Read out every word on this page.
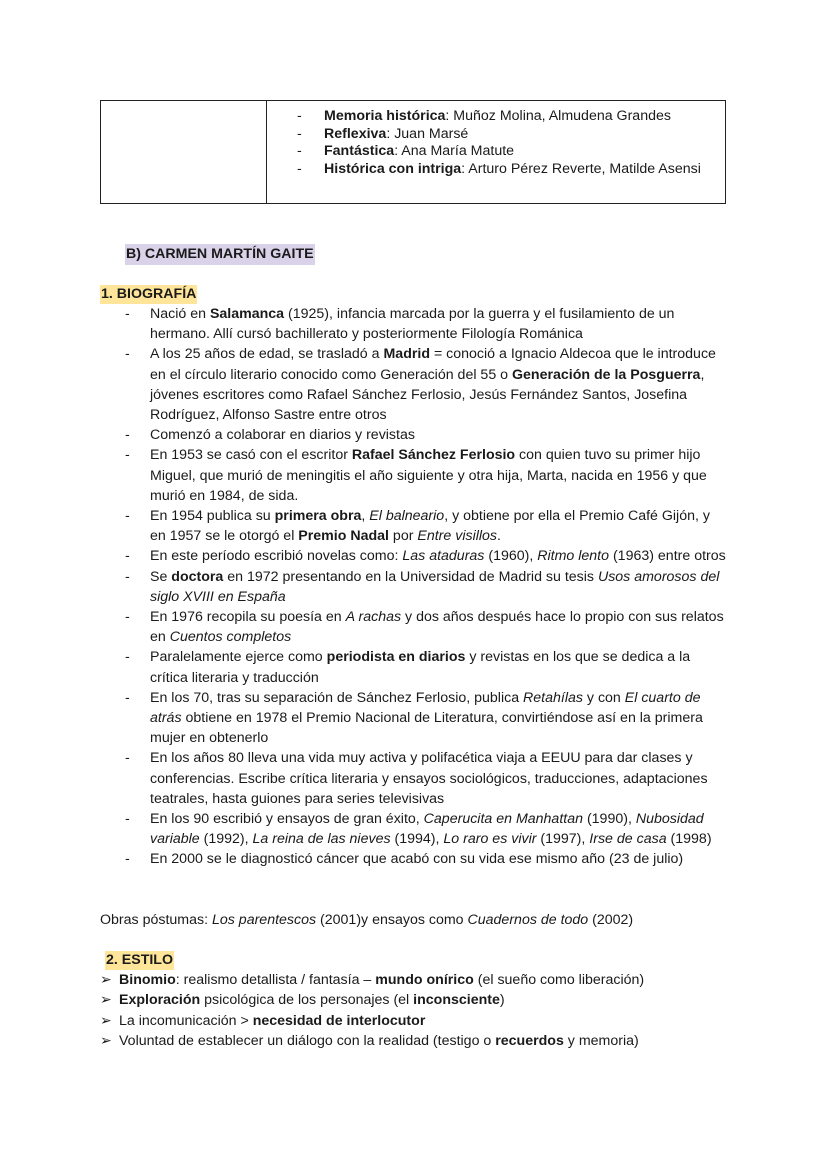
- Memoria histórica: Muñoz Molina, Almudena Grandes
- Reflexiva: Juan Marsé
- Fantástica: Ana María Matute
- Histórica con intriga: Arturo Pérez Reverte, Matilde Asensi
B) CARMEN MARTÍN GAITE
1. BIOGRAFÍA
- Nació en Salamanca (1925), infancia marcada por la guerra y el fusilamiento de un hermano. Allí cursó bachillerato y posteriormente Filología Románica
- A los 25 años de edad, se trasladó a Madrid = conoció a Ignacio Aldecoa que le introduce en el círculo literario conocido como Generación del 55 o Generación de la Posguerra, jóvenes escritores como Rafael Sánchez Ferlosio, Jesús Fernández Santos, Josefina Rodríguez, Alfonso Sastre entre otros
- Comenzó a colaborar en diarios y revistas
- En 1953 se casó con el escritor Rafael Sánchez Ferlosio con quien tuvo su primer hijo Miguel, que murió de meningitis el año siguiente y otra hija, Marta, nacida en 1956 y que murió en 1984, de sida.
- En 1954 publica su primera obra, El balneario, y obtiene por ella el Premio Café Gijón, y en 1957 se le otorgó el Premio Nadal por Entre visillos.
- En este período escribió novelas como: Las ataduras (1960), Ritmo lento (1963) entre otros
- Se doctora en 1972 presentando en la Universidad de Madrid su tesis Usos amorosos del siglo XVIII en España
- En 1976 recopila su poesía en A rachas y dos años después hace lo propio con sus relatos en Cuentos completos
- Paralelamente ejerce como periodista en diarios y revistas en los que se dedica a la crítica literaria y traducción
- En los 70, tras su separación de Sánchez Ferlosio, publica Retahílas y con El cuarto de atrás obtiene en 1978 el Premio Nacional de Literatura, convirtiéndose así en la primera mujer en obtenerlo
- En los años 80 lleva una vida muy activa y polifacética viaja a EEUU para dar clases y conferencias. Escribe crítica literaria y ensayos sociológicos, traducciones, adaptaciones teatrales, hasta guiones para series televisivas
- En los 90 escribió y ensayos de gran éxito, Caperucita en Manhattan (1990), Nubosidad variable (1992), La reina de las nieves (1994), Lo raro es vivir (1997), Irse de casa (1998)
- En 2000 se le diagnosticó cáncer que acabó con su vida ese mismo año (23 de julio)
Obras póstumas: Los parentescos (2001)y ensayos como Cuadernos de todo (2002)
2. ESTILO
➢ Binomio: realismo detallista / fantasía – mundo onírico (el sueño como liberación)
➢ Exploración psicológica de los personajes (el inconsciente)
➢ La incomunicación > necesidad de interlocutor
➢ Voluntad de establecer un diálogo con la realidad (testigo o recuerdos y memoria)
